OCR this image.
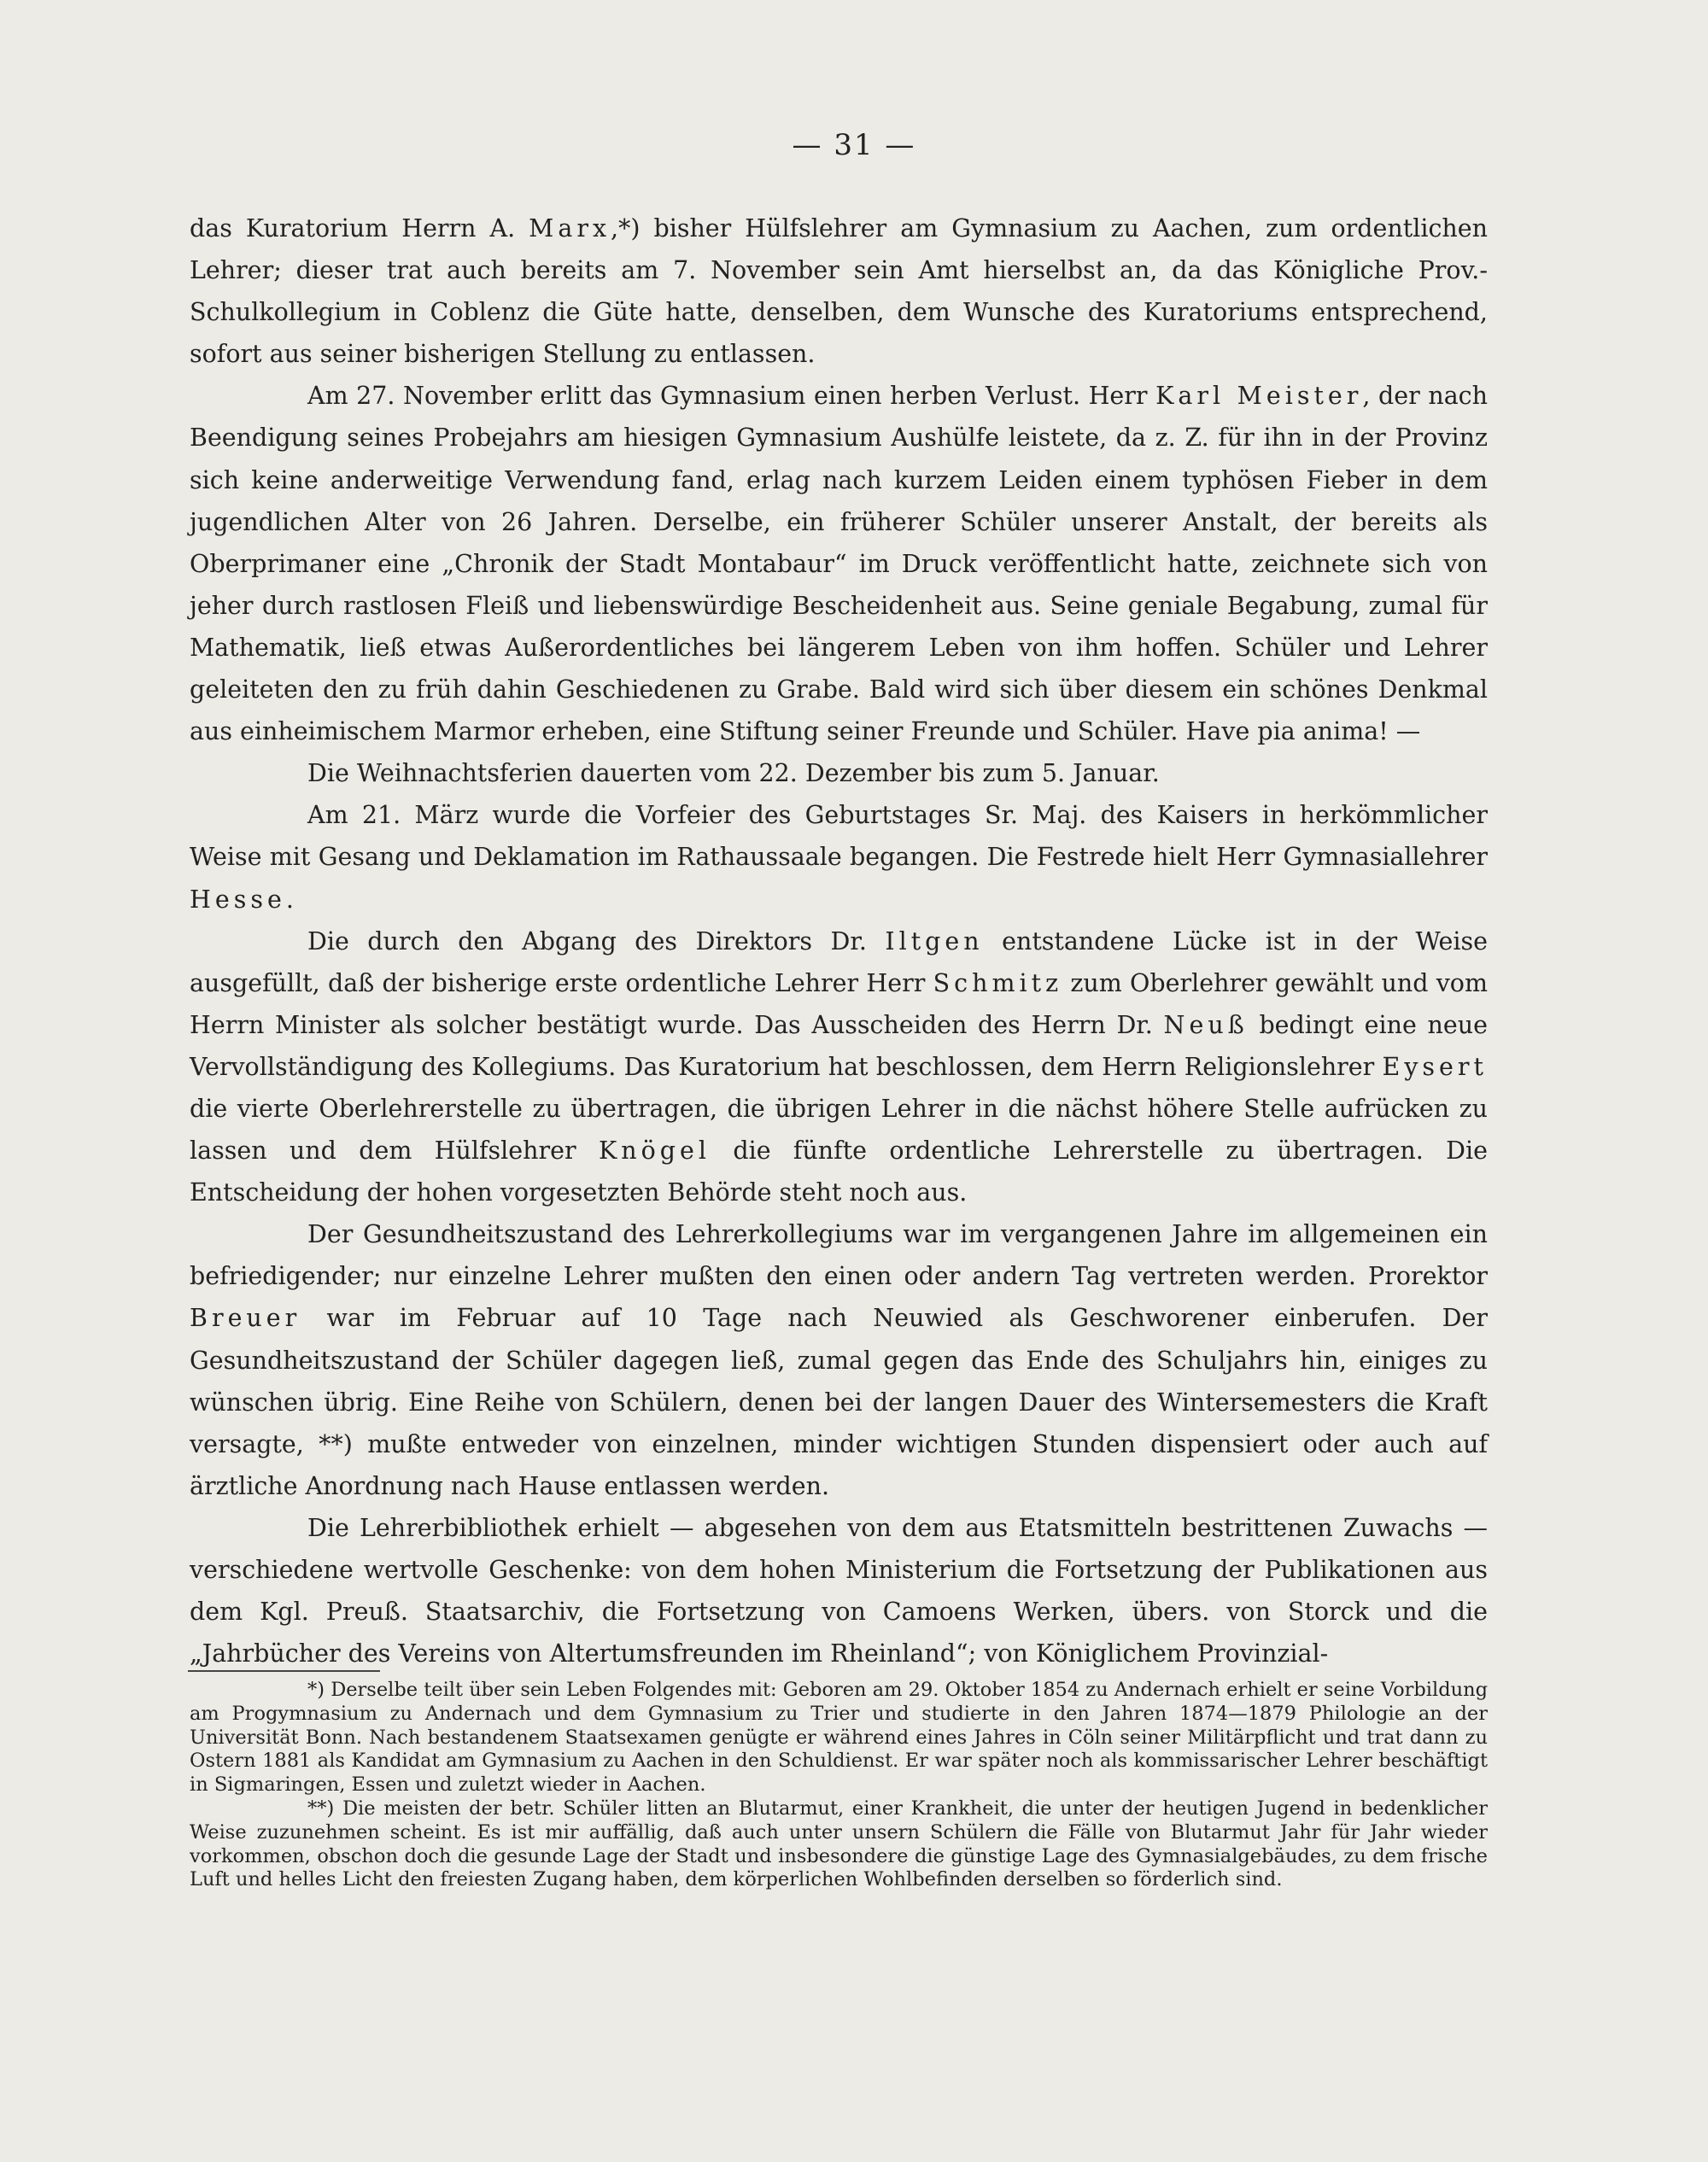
— 31 —

das Kuratorium Herrn A. Marx,*) bisher Hülfslehrer am Gymnasium zu Aachen, zum ordentlichen Lehrer; dieser trat auch bereits am 7. November sein Amt hierselbst an, da das Königliche Prov.-Schulkollegium in Coblenz die Güte hatte, denselben, dem Wunsche des Kuratoriums entsprechend, sofort aus seiner bisherigen Stellung zu entlassen.

Am 27. November erlitt das Gymnasium einen herben Verlust. Herr Karl Meister, der nach Beendigung seines Probejahrs am hiesigen Gymnasium Aushülfe leistete, da z. Z. für ihn in der Provinz sich keine anderweitige Verwendung fand, erlag nach kurzem Leiden einem typhösen Fieber in dem jugendlichen Alter von 26 Jahren. Derselbe, ein früherer Schüler unserer Anstalt, der bereits als Oberprimaner eine „Chronik der Stadt Montabaur“ im Druck veröffentlicht hatte, zeichnete sich von jeher durch rastlosen Fleiß und liebenswürdige Bescheidenheit aus. Seine geniale Begabung, zumal für Mathematik, ließ etwas Außerordentliches bei längerem Leben von ihm hoffen. Schüler und Lehrer geleiteten den zu früh dahin Geschiedenen zu Grabe. Bald wird sich über diesem ein schönes Denkmal aus einheimischem Marmor erheben, eine Stiftung seiner Freunde und Schüler. Have pia anima! —

Die Weihnachtsferien dauerten vom 22. Dezember bis zum 5. Januar.

Am 21. März wurde die Vorfeier des Geburtstages Sr. Maj. des Kaisers in herkömmlicher Weise mit Gesang und Deklamation im Rathaussaale begangen. Die Festrede hielt Herr Gymnasiallehrer Hesse.

Die durch den Abgang des Direktors Dr. Iltgen entstandene Lücke ist in der Weise ausgefüllt, daß der bisherige erste ordentliche Lehrer Herr Schmitz zum Oberlehrer gewählt und vom Herrn Minister als solcher bestätigt wurde. Das Ausscheiden des Herrn Dr. Neuß bedingt eine neue Vervollständigung des Kollegiums. Das Kuratorium hat beschlossen, dem Herrn Religionslehrer Eysert die vierte Oberlehrerstelle zu übertragen, die übrigen Lehrer in die nächst höhere Stelle aufrücken zu lassen und dem Hülfslehrer Knögel die fünfte ordentliche Lehrerstelle zu übertragen. Die Entscheidung der hohen vorgesetzten Behörde steht noch aus.

Der Gesundheitszustand des Lehrerkollegiums war im vergangenen Jahre im allgemeinen ein befriedigender; nur einzelne Lehrer mußten den einen oder andern Tag vertreten werden. Prorektor Breuer war im Februar auf 10 Tage nach Neuwied als Geschworener einberufen. Der Gesundheitszustand der Schüler dagegen ließ, zumal gegen das Ende des Schuljahrs hin, einiges zu wünschen übrig. Eine Reihe von Schülern, denen bei der langen Dauer des Wintersemesters die Kraft versagte, **) mußte entweder von einzelnen, minder wichtigen Stunden dispensiert oder auch auf ärztliche Anordnung nach Hause entlassen werden.

Die Lehrerbibliothek erhielt — abgesehen von dem aus Etatsmitteln bestrittenen Zuwachs — verschiedene wertvolle Geschenke: von dem hohen Ministerium die Fortsetzung der Publikationen aus dem Kgl. Preuß. Staatsarchiv, die Fortsetzung von Camoens Werken, übers. von Storck und die „Jahrbücher des Vereins von Altertumsfreunden im Rheinland“; von Königlichem Provinzial-

*) Derselbe teilt über sein Leben Folgendes mit: Geboren am 29. Oktober 1854 zu Andernach erhielt er seine Vorbildung am Progymnasium zu Andernach und dem Gymnasium zu Trier und studierte in den Jahren 1874—1879 Philologie an der Universität Bonn. Nach bestandenem Staatsexamen genügte er während eines Jahres in Cöln seiner Militärpflicht und trat dann zu Ostern 1881 als Kandidat am Gymnasium zu Aachen in den Schuldienst. Er war später noch als kommissarischer Lehrer beschäftigt in Sigmaringen, Essen und zuletzt wieder in Aachen.

**) Die meisten der betr. Schüler litten an Blutarmut, einer Krankheit, die unter der heutigen Jugend in bedenklicher Weise zuzunehmen scheint. Es ist mir auffällig, daß auch unter unsern Schülern die Fälle von Blutarmut Jahr für Jahr wieder vorkommen, obschon doch die gesunde Lage der Stadt und insbesondere die günstige Lage des Gymnasialgebäudes, zu dem frische Luft und helles Licht den freiesten Zugang haben, dem körperlichen Wohlbefinden derselben so förderlich sind.
